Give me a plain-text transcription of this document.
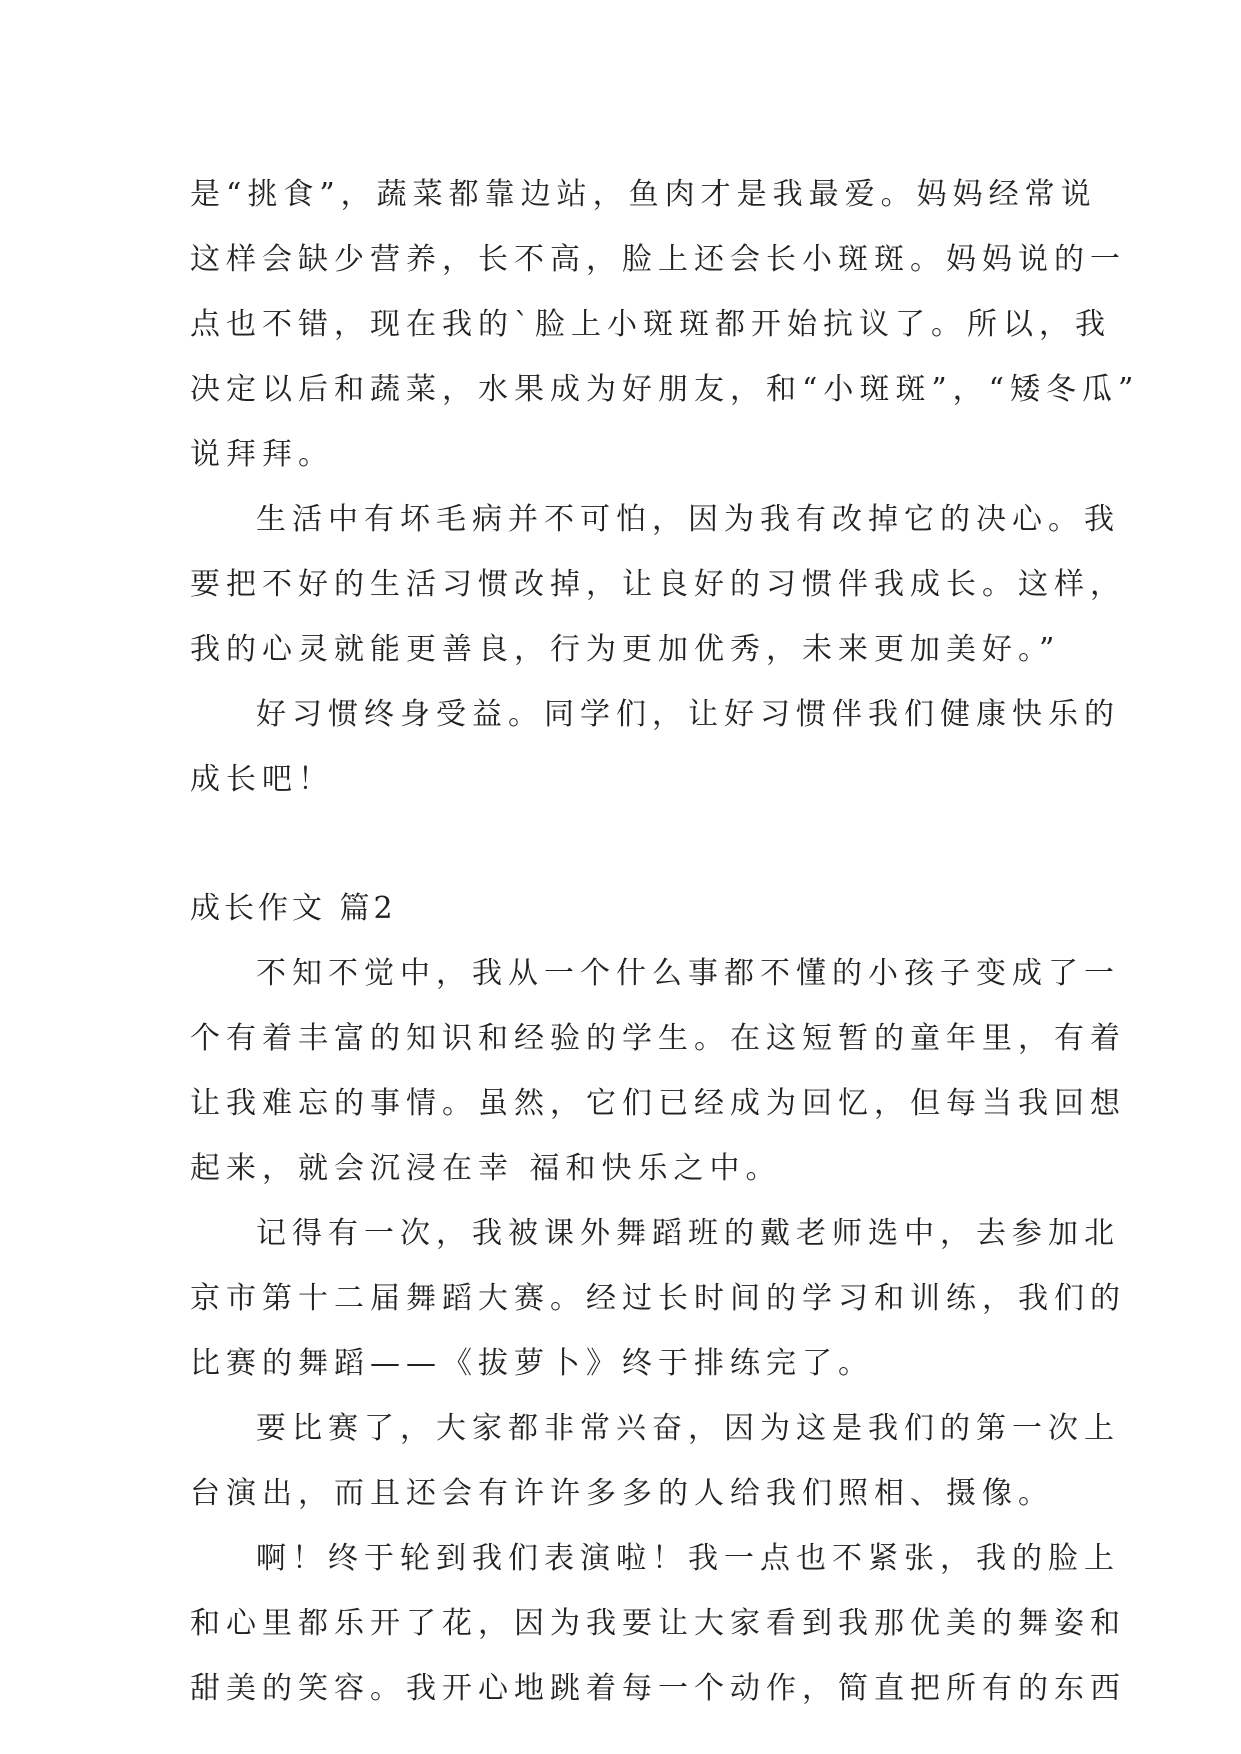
是“挑食”，蔬菜都靠边站，鱼肉才是我最爱。妈妈经常说
这样会缺少营养，长不高，脸上还会长小斑斑。妈妈说的一
点也不错，现在我的`脸上小斑斑都开始抗议了。所以，我
决定以后和蔬菜，水果成为好朋友，和“小斑斑”，“矮冬瓜”
说拜拜。
生活中有坏毛病并不可怕，因为我有改掉它的决心。我
要把不好的生活习惯改掉，让良好的习惯伴我成长。这样，
我的心灵就能更善良，行为更加优秀，未来更加美好。”
好习惯终身受益。同学们，让好习惯伴我们健康快乐的
成长吧！
成长作文 篇2
不知不觉中，我从一个什么事都不懂的小孩子变成了一
个有着丰富的知识和经验的学生。在这短暂的童年里，有着
让我难忘的事情。虽然，它们已经成为回忆，但每当我回想
起来，就会沉浸在幸 福和快乐之中。
记得有一次，我被课外舞蹈班的戴老师选中，去参加北
京市第十二届舞蹈大赛。经过长时间的学习和训练，我们的
比赛的舞蹈——《拔萝卜》终于排练完了。
要比赛了，大家都非常兴奋，因为这是我们的第一次上
台演出，而且还会有许许多多的人给我们照相、摄像。
啊！终于轮到我们表演啦！我一点也不紧张，我的脸上
和心里都乐开了花，因为我要让大家看到我那优美的舞姿和
甜美的笑容。我开心地跳着每一个动作，简直把所有的东西
